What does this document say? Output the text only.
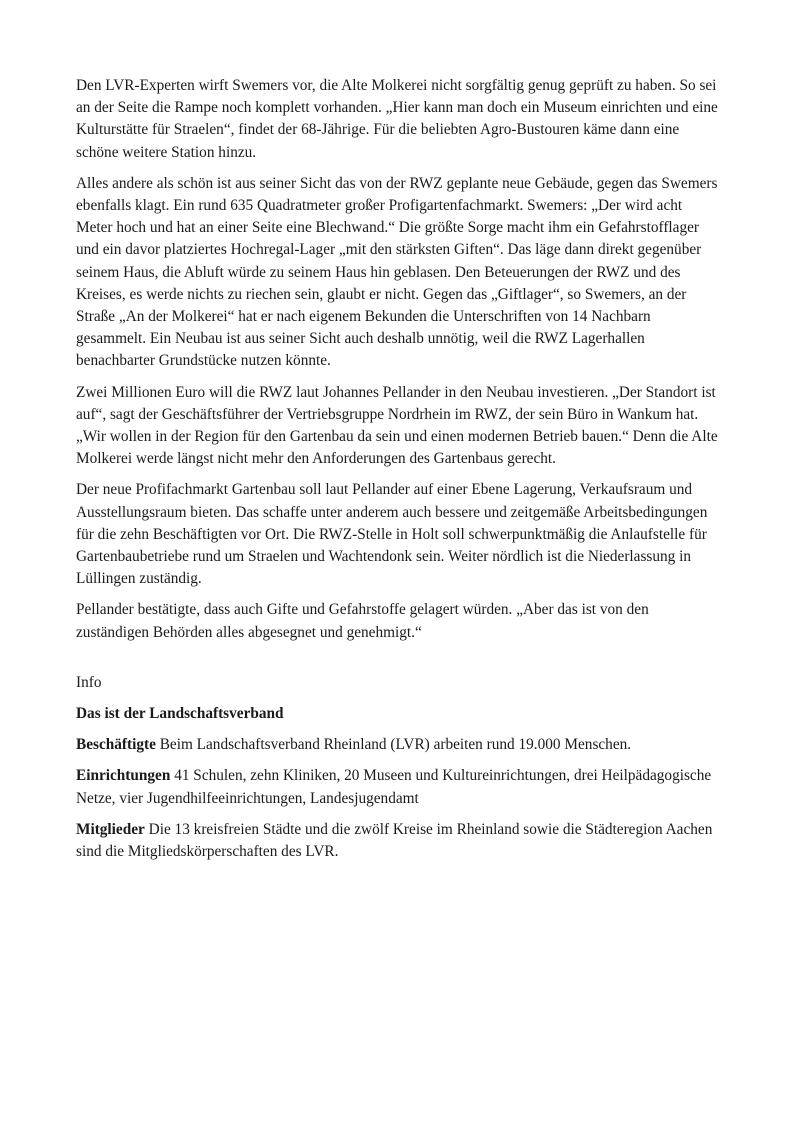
Den LVR-Experten wirft Swemers vor, die Alte Molkerei nicht sorgfältig genug geprüft zu haben. So sei an der Seite die Rampe noch komplett vorhanden. „Hier kann man doch ein Museum einrichten und eine Kulturstätte für Straelen“, findet der 68-Jährige. Für die beliebten Agro-Bustouren käme dann eine schöne weitere Station hinzu.

Alles andere als schön ist aus seiner Sicht das von der RWZ geplante neue Gebäude, gegen das Swemers ebenfalls klagt. Ein rund 635 Quadratmeter großer Profigartenfachmarkt. Swemers: „Der wird acht Meter hoch und hat an einer Seite eine Blechwand.“ Die größte Sorge macht ihm ein Gefahrstofflager und ein davor platziertes Hochregal-Lager „mit den stärksten Giften“. Das läge dann direkt gegenüber seinem Haus, die Abluft würde zu seinem Haus hin geblasen. Den Beteuerungen der RWZ und des Kreises, es werde nichts zu riechen sein, glaubt er nicht. Gegen das „Giftlager“, so Swemers, an der Straße „An der Molkerei“ hat er nach eigenem Bekunden die Unterschriften von 14 Nachbarn gesammelt. Ein Neubau ist aus seiner Sicht auch deshalb unnötig, weil die RWZ Lagerhallen benachbarter Grundstücke nutzen könnte.

Zwei Millionen Euro will die RWZ laut Johannes Pellander in den Neubau investieren. „Der Standort ist auf“, sagt der Geschäftsführer der Vertriebsgruppe Nordrhein im RWZ, der sein Büro in Wankum hat. „Wir wollen in der Region für den Gartenbau da sein und einen modernen Betrieb bauen.“ Denn die Alte Molkerei werde längst nicht mehr den Anforderungen des Gartenbaus gerecht.

Der neue Profifachmarkt Gartenbau soll laut Pellander auf einer Ebene Lagerung, Verkaufsraum und Ausstellungsraum bieten. Das schaffe unter anderem auch bessere und zeitgemäße Arbeitsbedingungen für die zehn Beschäftigten vor Ort. Die RWZ-Stelle in Holt soll schwerpunktmäßig die Anlaufstelle für Gartenbaubetriebe rund um Straelen und Wachtendonk sein. Weiter nördlich ist die Niederlassung in Lüllingen zuständig.

Pellander bestätigte, dass auch Gifte und Gefahrstoffe gelagert würden. „Aber das ist von den zuständigen Behörden alles abgesegnet und genehmigt.“

Info

Das ist der Landschaftsverband

Beschäftigte Beim Landschaftsverband Rheinland (LVR) arbeiten rund 19.000 Menschen.

Einrichtungen 41 Schulen, zehn Kliniken, 20 Museen und Kultureinrichtungen, drei Heilpädagogische Netze, vier Jugendhilfeeinrichtungen, Landesjugendamt

Mitglieder Die 13 kreisfreien Städte und die zwölf Kreise im Rheinland sowie die Städteregion Aachen sind die Mitgliedskörperschaften des LVR.
